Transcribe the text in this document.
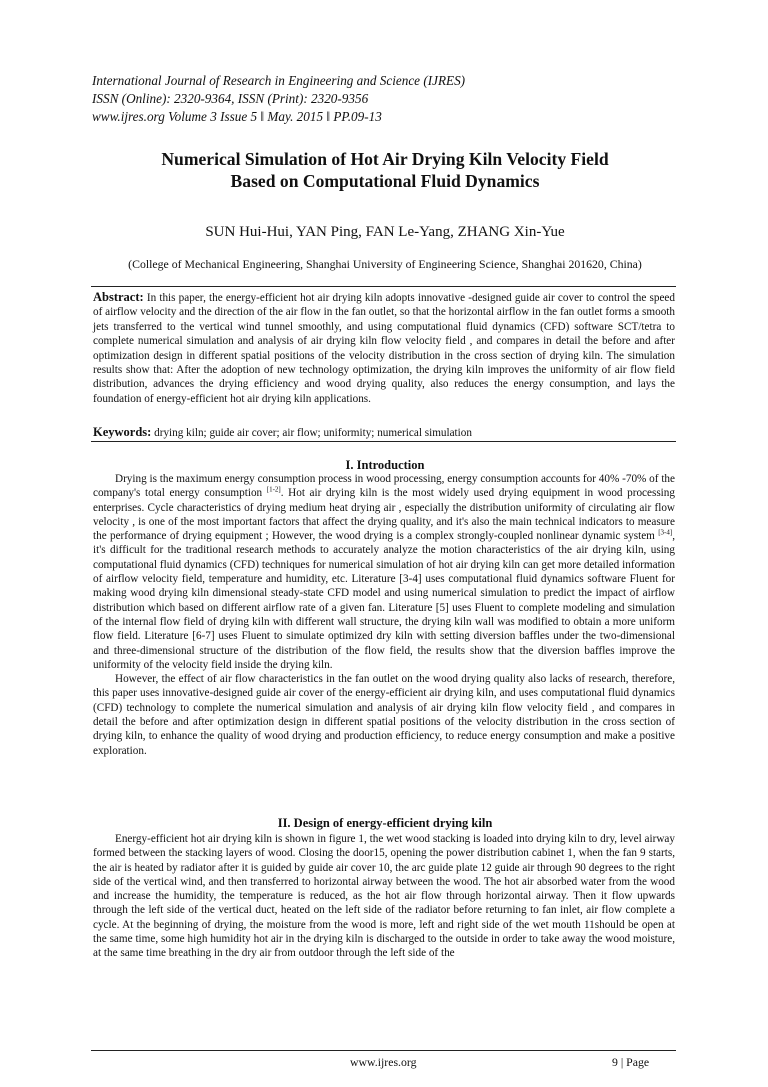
International Journal of Research in Engineering and Science (IJRES)
ISSN (Online): 2320-9364, ISSN (Print): 2320-9356
www.ijres.org Volume 3 Issue 5 ǁ May. 2015 ǁ PP.09-13
Numerical Simulation of Hot Air Drying Kiln Velocity Field
Based on Computational Fluid Dynamics
SUN Hui-Hui, YAN Ping, FAN Le-Yang, ZHANG Xin-Yue
(College of Mechanical Engineering, Shanghai University of Engineering Science, Shanghai 201620, China)
Abstract: In this paper, the energy-efficient hot air drying kiln adopts innovative -designed guide air cover to control the speed of airflow velocity and the direction of the air flow in the fan outlet, so that the horizontal airflow in the fan outlet forms a smooth jets transferred to the vertical wind tunnel smoothly, and using computational fluid dynamics (CFD) software SCT/tetra to complete numerical simulation and analysis of air drying kiln flow velocity field , and compares in detail the before and after optimization design in different spatial positions of the velocity distribution in the cross section of drying kiln. The simulation results show that: After the adoption of new technology optimization, the drying kiln improves the uniformity of air flow field distribution, advances the drying efficiency and wood drying quality, also reduces the energy consumption, and lays the foundation of energy-efficient hot air drying kiln applications.
Keywords: drying kiln; guide air cover; air flow; uniformity; numerical simulation
I. Introduction

Drying is the maximum energy consumption process in wood processing, energy consumption accounts for 40% -70% of the company's total energy consumption [1-2]. Hot air drying kiln is the most widely used drying equipment in wood processing enterprises. Cycle characteristics of drying medium heat drying air , especially the distribution uniformity of circulating air flow velocity , is one of the most important factors that affect the drying quality, and it's also the main technical indicators to measure the performance of drying equipment ; However, the wood drying is a complex strongly-coupled nonlinear dynamic system [3-4], it's difficult for the traditional research methods to accurately analyze the motion characteristics of the air drying kiln, using computational fluid dynamics (CFD) techniques for numerical simulation of hot air drying kiln can get more detailed information of airflow velocity field, temperature and humidity, etc. Literature [3-4] uses computational fluid dynamics software Fluent for making wood drying kiln dimensional steady-state CFD model and using numerical simulation to predict the impact of airflow distribution which based on different airflow rate of a given fan. Literature [5] uses Fluent to complete modeling and simulation of the internal flow field of drying kiln with different wall structure, the drying kiln wall was modified to obtain a more uniform flow field. Literature [6-7] uses Fluent to simulate optimized dry kiln with setting diversion baffles under the two-dimensional and three-dimensional structure of the distribution of the flow field, the results show that the diversion baffles improve the uniformity of the velocity field inside the drying kiln.

However, the effect of air flow characteristics in the fan outlet on the wood drying quality also lacks of research, therefore, this paper uses innovative-designed guide air cover of the energy-efficient air drying kiln, and uses computational fluid dynamics (CFD) technology to complete the numerical simulation and analysis of air drying kiln flow velocity field , and compares in detail the before and after optimization design in different spatial positions of the velocity distribution in the cross section of drying kiln, to enhance the quality of wood drying and production efficiency, to reduce energy consumption and make a positive exploration.

II. Design of energy-efficient drying kiln

Energy-efficient hot air drying kiln is shown in figure 1, the wet wood stacking is loaded into drying kiln to dry, level airway formed between the stacking layers of wood. Closing the door15, opening the power distribution cabinet 1, when the fan 9 starts, the air is heated by radiator after it is guided by guide air cover 10, the arc guide plate 12 guide air through 90 degrees to the right side of the vertical wind, and then transferred to horizontal airway between the wood. The hot air absorbed water from the wood and increase the humidity, the temperature is reduced, as the hot air flow through horizontal airway. Then it flow upwards through the left side of the vertical duct, heated on the left side of the radiator before returning to fan inlet, air flow complete a cycle. At the beginning of drying, the moisture from the wood is more, left and right side of the wet mouth 11should be open at the same time, some high humidity hot air in the drying kiln is discharged to the outside in order to take away the wood moisture, at the same time breathing in the dry air from outdoor through the left side of the

www.ijres.org	9 | Page
